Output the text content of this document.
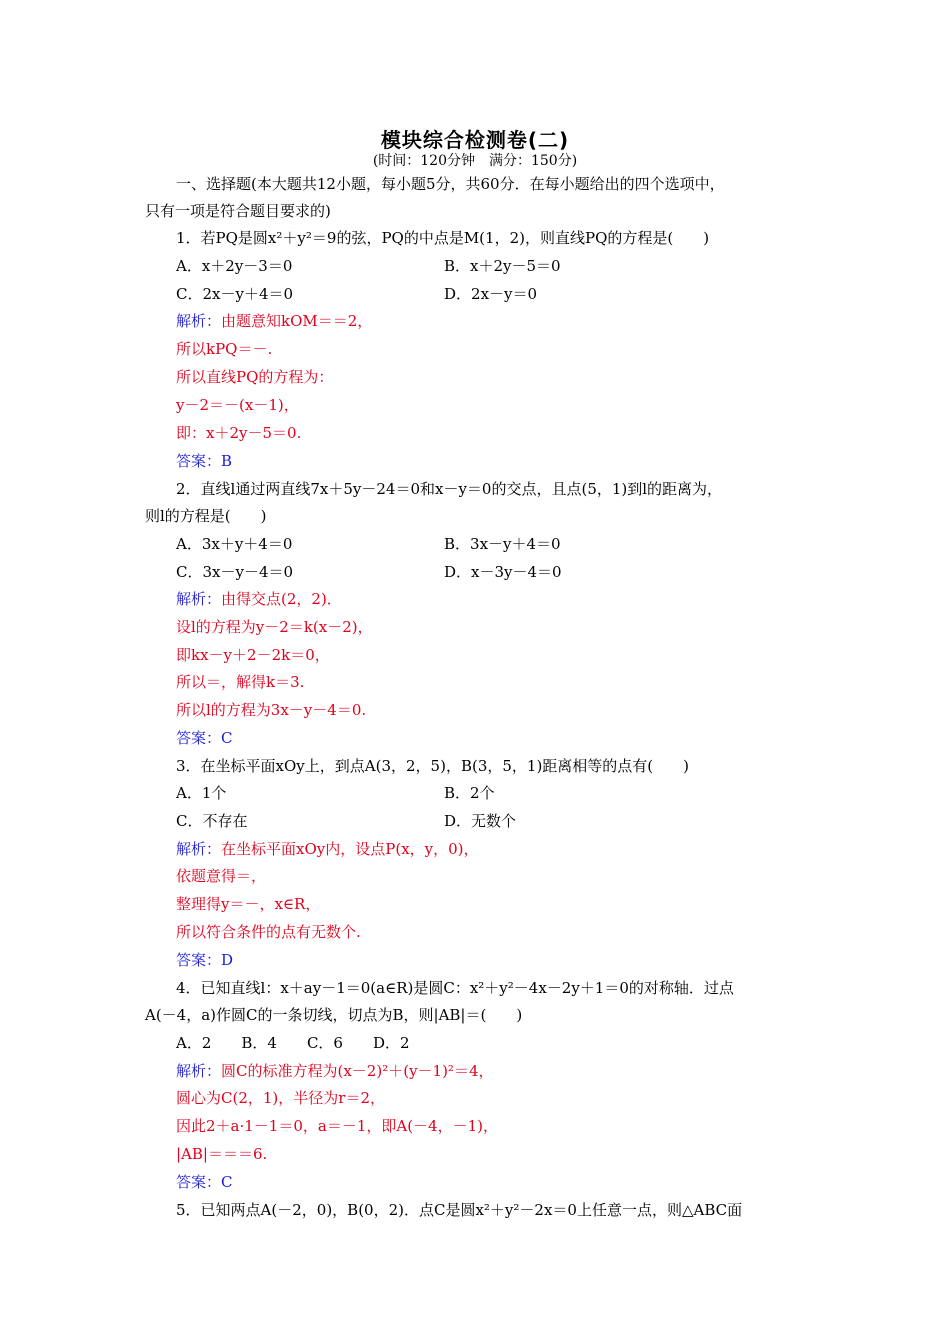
模块综合检测卷(二)
(时间：120分钟　满分：150分)
一、选择题(本大题共12小题，每小题5分，共60分．在每小题给出的四个选项中，
只有一项是符合题目要求的)
1．若PQ是圆x²＋y²＝9的弦，PQ的中点是M(1，2)，则直线PQ的方程是(　　)
A．x＋2y－3＝0	B．x＋2y－5＝0
C．2x－y＋4＝0	D．2x－y＝0
解析：由题意知kOM＝＝2，
所以kPQ＝－.
所以直线PQ的方程为：
y－2＝－(x－1)，
即：x＋2y－5＝0.
答案：B
2．直线l通过两直线7x＋5y－24＝0和x－y＝0的交点，且点(5，1)到l的距离为，
则l的方程是(　　)
A．3x＋y＋4＝0	B．3x－y＋4＝0
C．3x－y－4＝0	D．x－3y－4＝0
解析：由得交点(2，2)．
设l的方程为y－2＝k(x－2)，
即kx－y＋2－2k＝0，
所以＝，解得k＝3.
所以l的方程为3x－y－4＝0.
答案：C
3．在坐标平面xOy上，到点A(3，2，5)，B(3，5，1)距离相等的点有(　　)
A．1个	B．2个
C．不存在	D．无数个
解析：在坐标平面xOy内，设点P(x，y，0)，
依题意得＝，
整理得y＝－，x∈R，
所以符合条件的点有无数个.
答案：D
4．已知直线l：x＋ay－1＝0(a∈R)是圆C：x²＋y²－4x－2y＋1＝0的对称轴．过点
A(－4，a)作圆C的一条切线，切点为B，则|AB|＝(　　)
A．2　　B．4　　C．6　　D．2
解析：圆C的标准方程为(x－2)²＋(y－1)²＝4，
圆心为C(2，1)，半径为r＝2，
因此2＋a·1－1＝0，a＝－1，即A(－4，－1)，
|AB|＝＝＝6.
答案：C
5．已知两点A(－2，0)，B(0，2)．点C是圆x²＋y²－2x＝0上任意一点，则△ABC面
